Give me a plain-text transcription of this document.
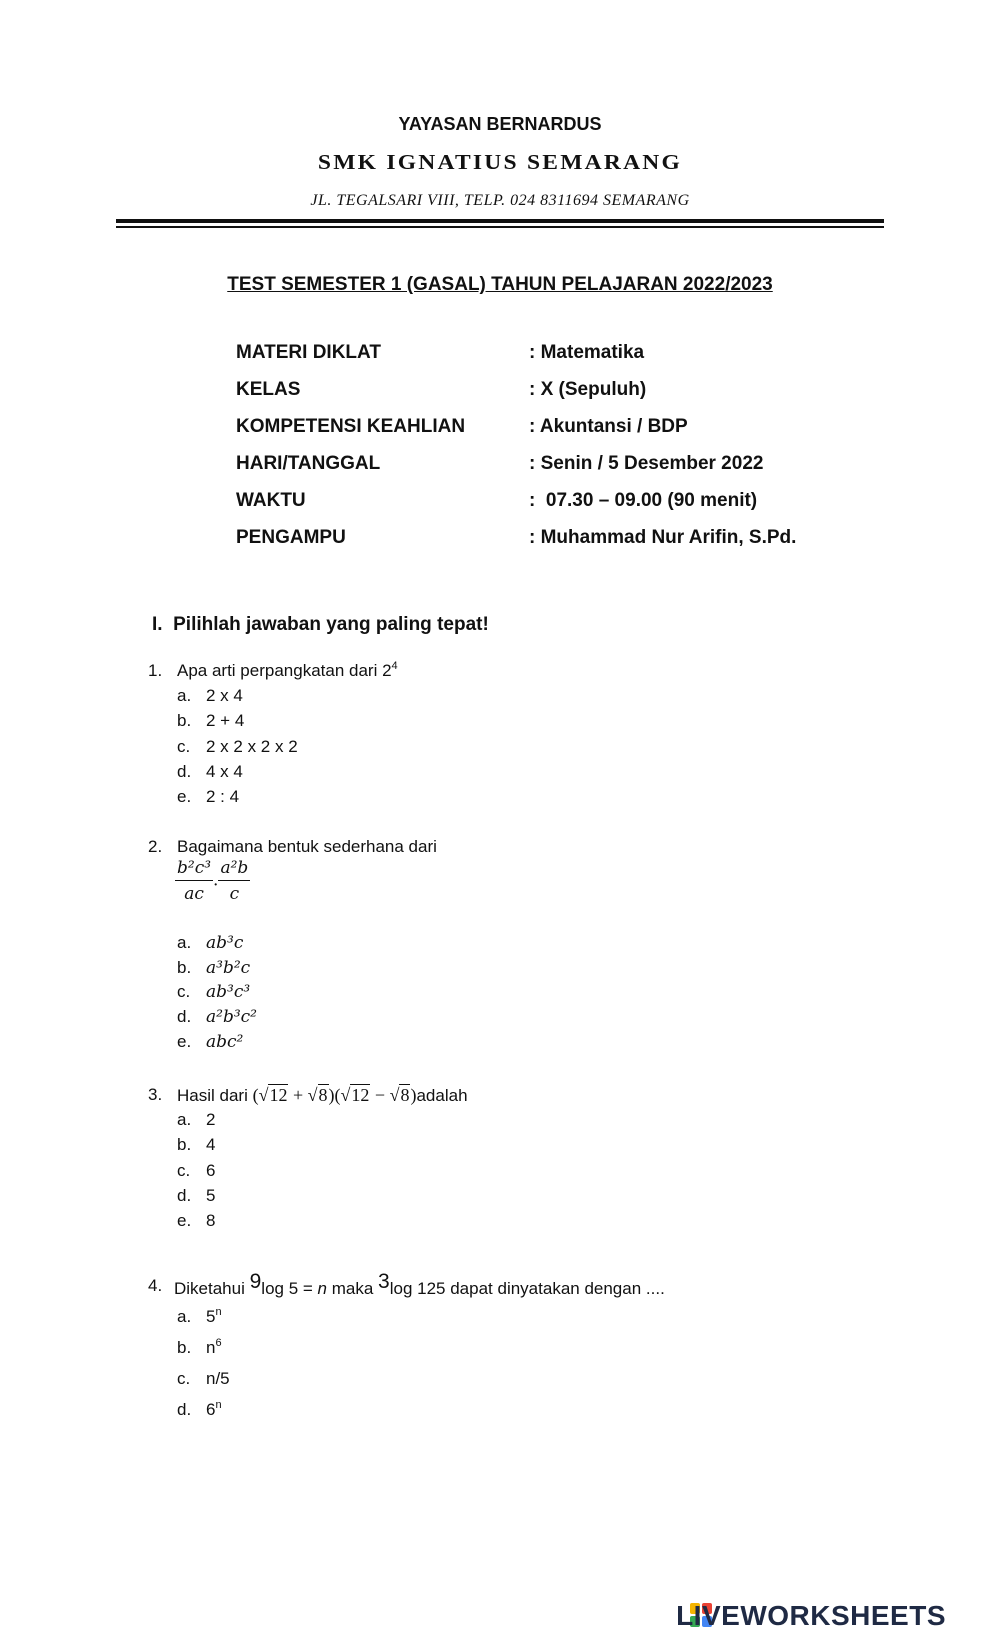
YAYASAN BERNARDUS
SMK IGNATIUS SEMARANG
JL. TEGALSARI VIII, TELP. 024 8311694 SEMARANG
TEST SEMESTER 1 (GASAL) TAHUN PELAJARAN 2022/2023
MATERI DIKLAT	: Matematika
KELAS	: X (Sepuluh)
KOMPETENSI KEAHLIAN	: Akuntansi / BDP
HARI/TANGGAL	: Senin / 5 Desember 2022
WAKTU	:  07.30 – 09.00 (90 menit)
PENGAMPU	: Muhammad Nur Arifin, S.Pd.
I. Pilihlah jawaban yang paling tepat!
1. Apa arti perpangkatan dari $2^4$
a. 2 x 4
b. 2 + 4
c. 2 x 2 x 2 x 2
d. 4 x 4
e. 2 : 4
2. Bagaimana bentuk sederhana dari
$\frac{\text{b²c³}}{ac}$ . $\frac{\text{a²b}}{c}$
a. ab³c
b. a³b²c
c. ab³c³
d. a²b³c²
e. abc²
3. Hasil dari (√12 + √8)(√12 − √8)adalah
a. 2
b. 4
c. 6
d. 5
e. 8
4. Diketahui 9log 5 = n maka 3log 125 dapat dinyatakan dengan ....
a. 5$^n$
b. $n^6$
c. n/5
d. 6$^n$
LIVEWORKSHEETS
